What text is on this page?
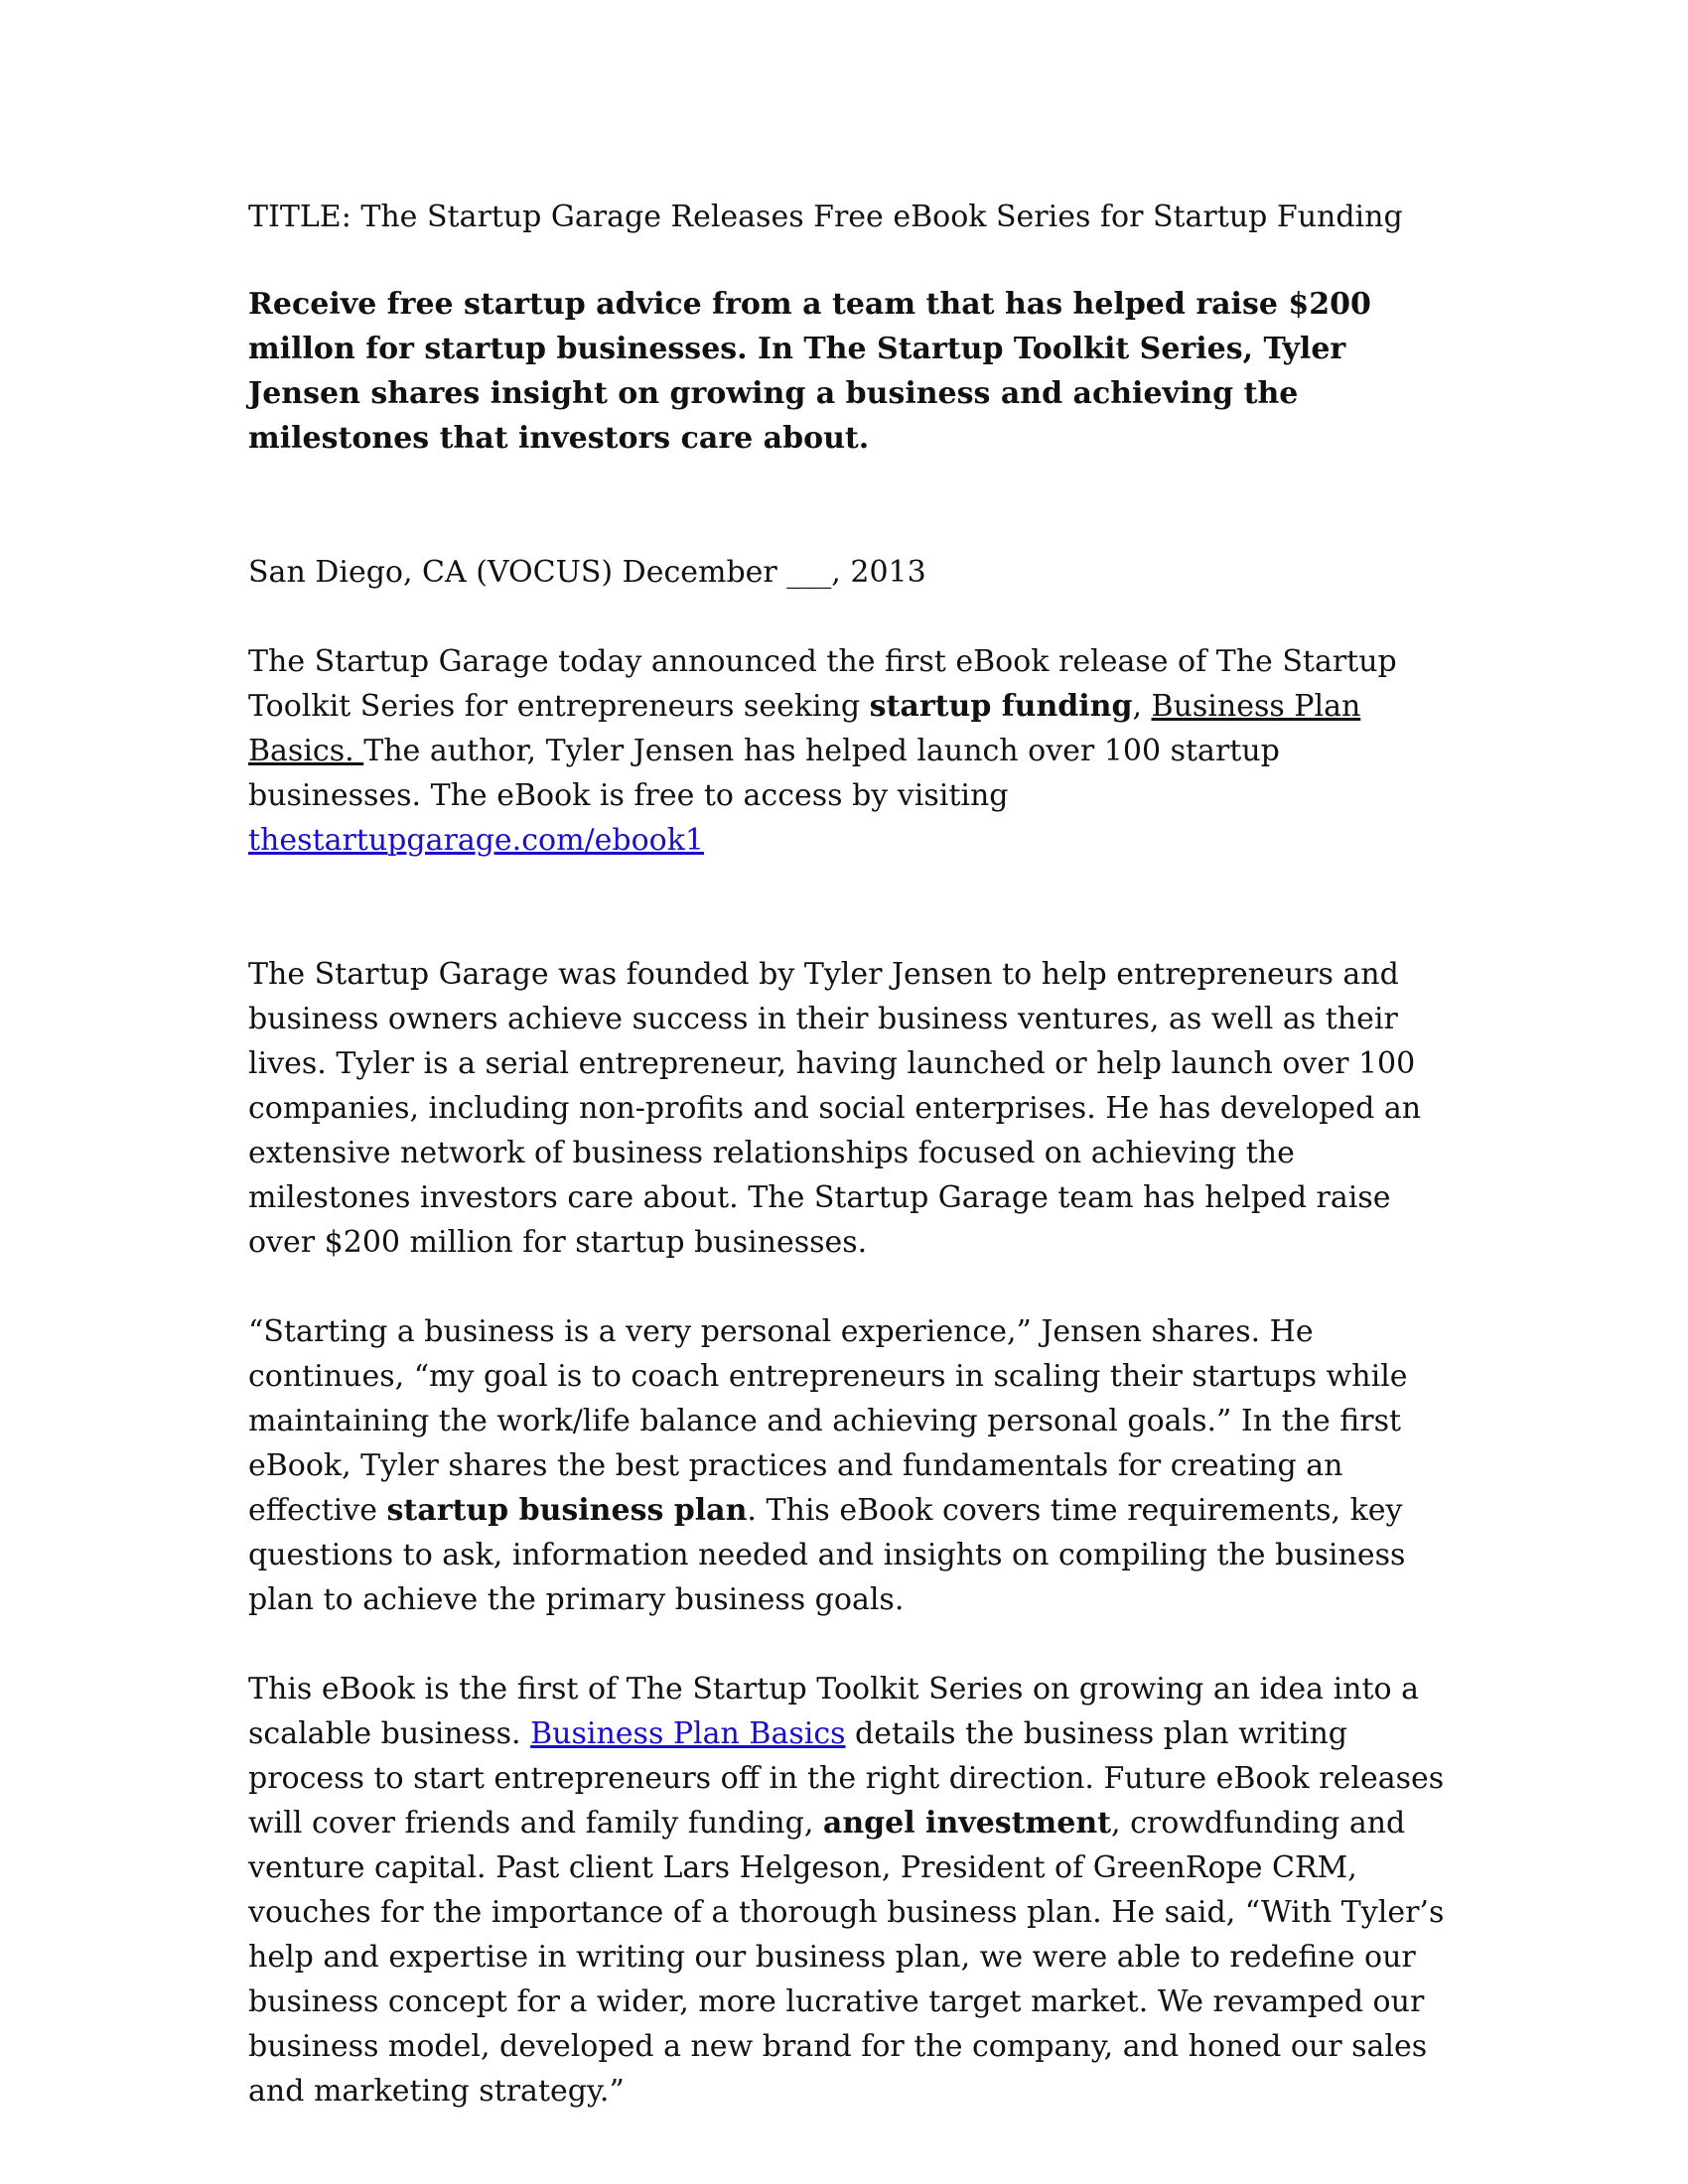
TITLE: The Startup Garage Releases Free eBook Series for Startup Funding

Receive free startup advice from a team that has helped raise $200 millon for startup businesses. In The Startup Toolkit Series, Tyler Jensen shares insight on growing a business and achieving the milestones that investors care about.

San Diego, CA (VOCUS) December ___, 2013

The Startup Garage today announced the first eBook release of The Startup Toolkit Series for entrepreneurs seeking startup funding, Business Plan Basics. The author, Tyler Jensen has helped launch over 100 startup businesses. The eBook is free to access by visiting thestartupgarage.com/ebook1

The Startup Garage was founded by Tyler Jensen to help entrepreneurs and business owners achieve success in their business ventures, as well as their lives. Tyler is a serial entrepreneur, having launched or help launch over 100 companies, including non-profits and social enterprises. He has developed an extensive network of business relationships focused on achieving the milestones investors care about. The Startup Garage team has helped raise over $200 million for startup businesses.

“Starting a business is a very personal experience,” Jensen shares. He continues, “my goal is to coach entrepreneurs in scaling their startups while maintaining the work/life balance and achieving personal goals.” In the first eBook, Tyler shares the best practices and fundamentals for creating an effective startup business plan. This eBook covers time requirements, key questions to ask, information needed and insights on compiling the business plan to achieve the primary business goals.

This eBook is the first of The Startup Toolkit Series on growing an idea into a scalable business. Business Plan Basics details the business plan writing process to start entrepreneurs off in the right direction. Future eBook releases will cover friends and family funding, angel investment, crowdfunding and venture capital. Past client Lars Helgeson, President of GreenRope CRM, vouches for the importance of a thorough business plan. He said, “With Tyler’s help and expertise in writing our business plan, we were able to redefine our business concept for a wider, more lucrative target market. We revamped our business model, developed a new brand for the company, and honed our sales and marketing strategy.”
